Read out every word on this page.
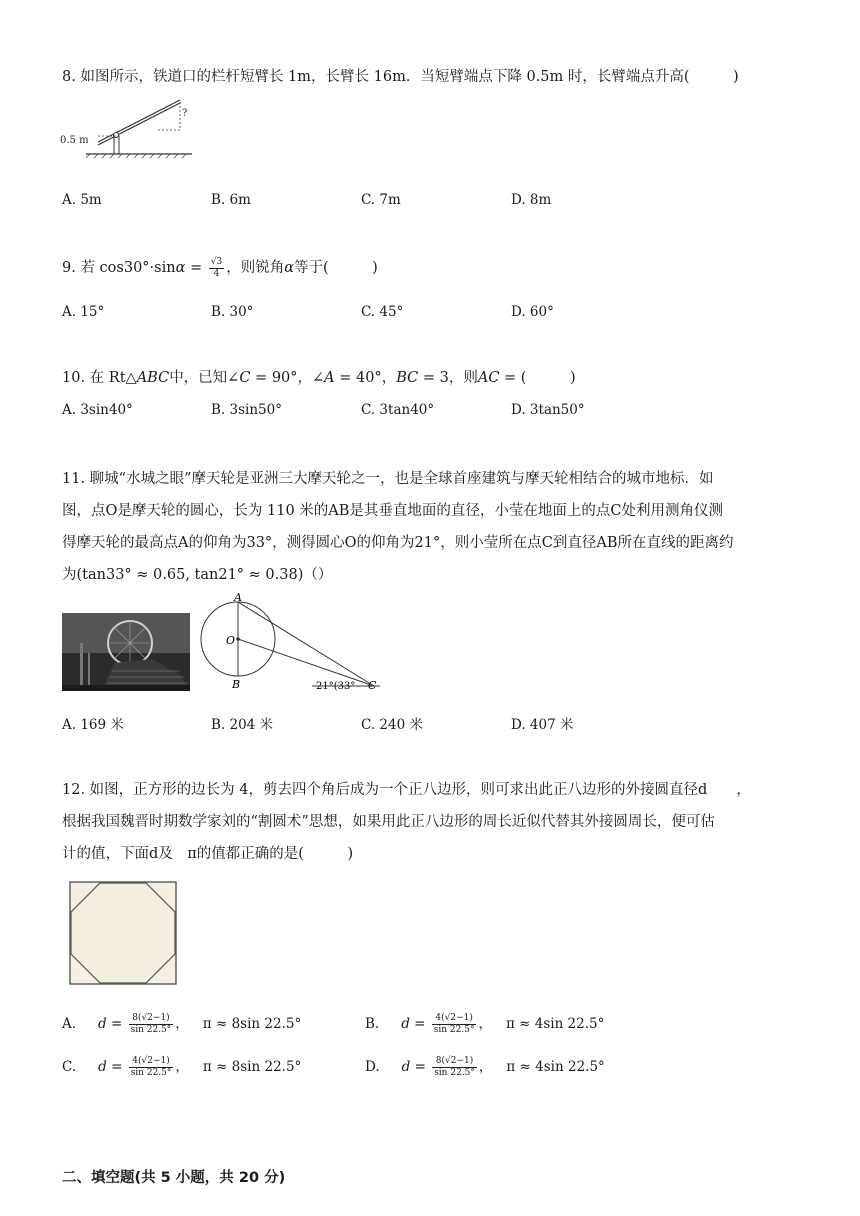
8. 如图所示，铁道口的栏杆短臂长 1m，长臂长 16m．当短臂端点下降 0.5m 时，长臂端点升高(　　　)
0.5 m
?
A. 5m	B. 6m	C. 7m	D. 8m
9. 若 $\cos 30^\circ\cdot\sin\alpha = \frac{√3}{4}$ ，则锐角α等于(　　　)
A. 15°	B. 30°	C. 45°	D. 60°
10. 在 Rt△ABC中，已知∠C = 90°，∠A = 40°，BC = 3，则AC = (　　　)
A. 3sin40°	B. 3sin50°	C. 3tan40°	D. 3tan50°
11. 聊城“水城之眼”摩天轮是亚洲三大摩天轮之一，也是全球首座建筑与摩天轮相结合的城市地标．如
图，点O是摩天轮的圆心，长为 110 米的AB是其垂直地面的直径，小莹在地面上的点C处利用测角仪测
得摩天轮的最高点A的仰角为33°，测得圆心O的仰角为21°，则小莹所在点C到直径AB所在直线的距离约
为(tan33° ≈ 0.65, tan21° ≈ 0.38)（）
A
O
B	21°(33° C
A. 169 米	B. 204 米	C. 240 米	D. 407 米
12. 如图，正方形的边长为 4，剪去四个角后成为一个正八边形，则可求出此正八边形的外接圆直径d　　，
根据我国魏晋时期数学家刘的“割圆术”思想，如果用此正八边形的周长近似代替其外接圆周长，便可估
计的值，下面d及　π的值都正确的是(　　　)
A. $d = \frac{8(√2-1)}{\sin 22.5^\circ}$ ， π ≈ 8sin 22.5°	B. $d = \frac{4(√2-1)}{\sin 22.5^\circ}$ ， π ≈ 4sin 22.5°
C. $d = \frac{4(√2-1)}{\sin 22.5^\circ}$ ， π ≈ 8sin 22.5°	D. $d = \frac{8(√2-1)}{\sin 22.5^\circ}$ ， π ≈ 4sin 22.5°
二、填空题(共 5 小题，共 20 分)
